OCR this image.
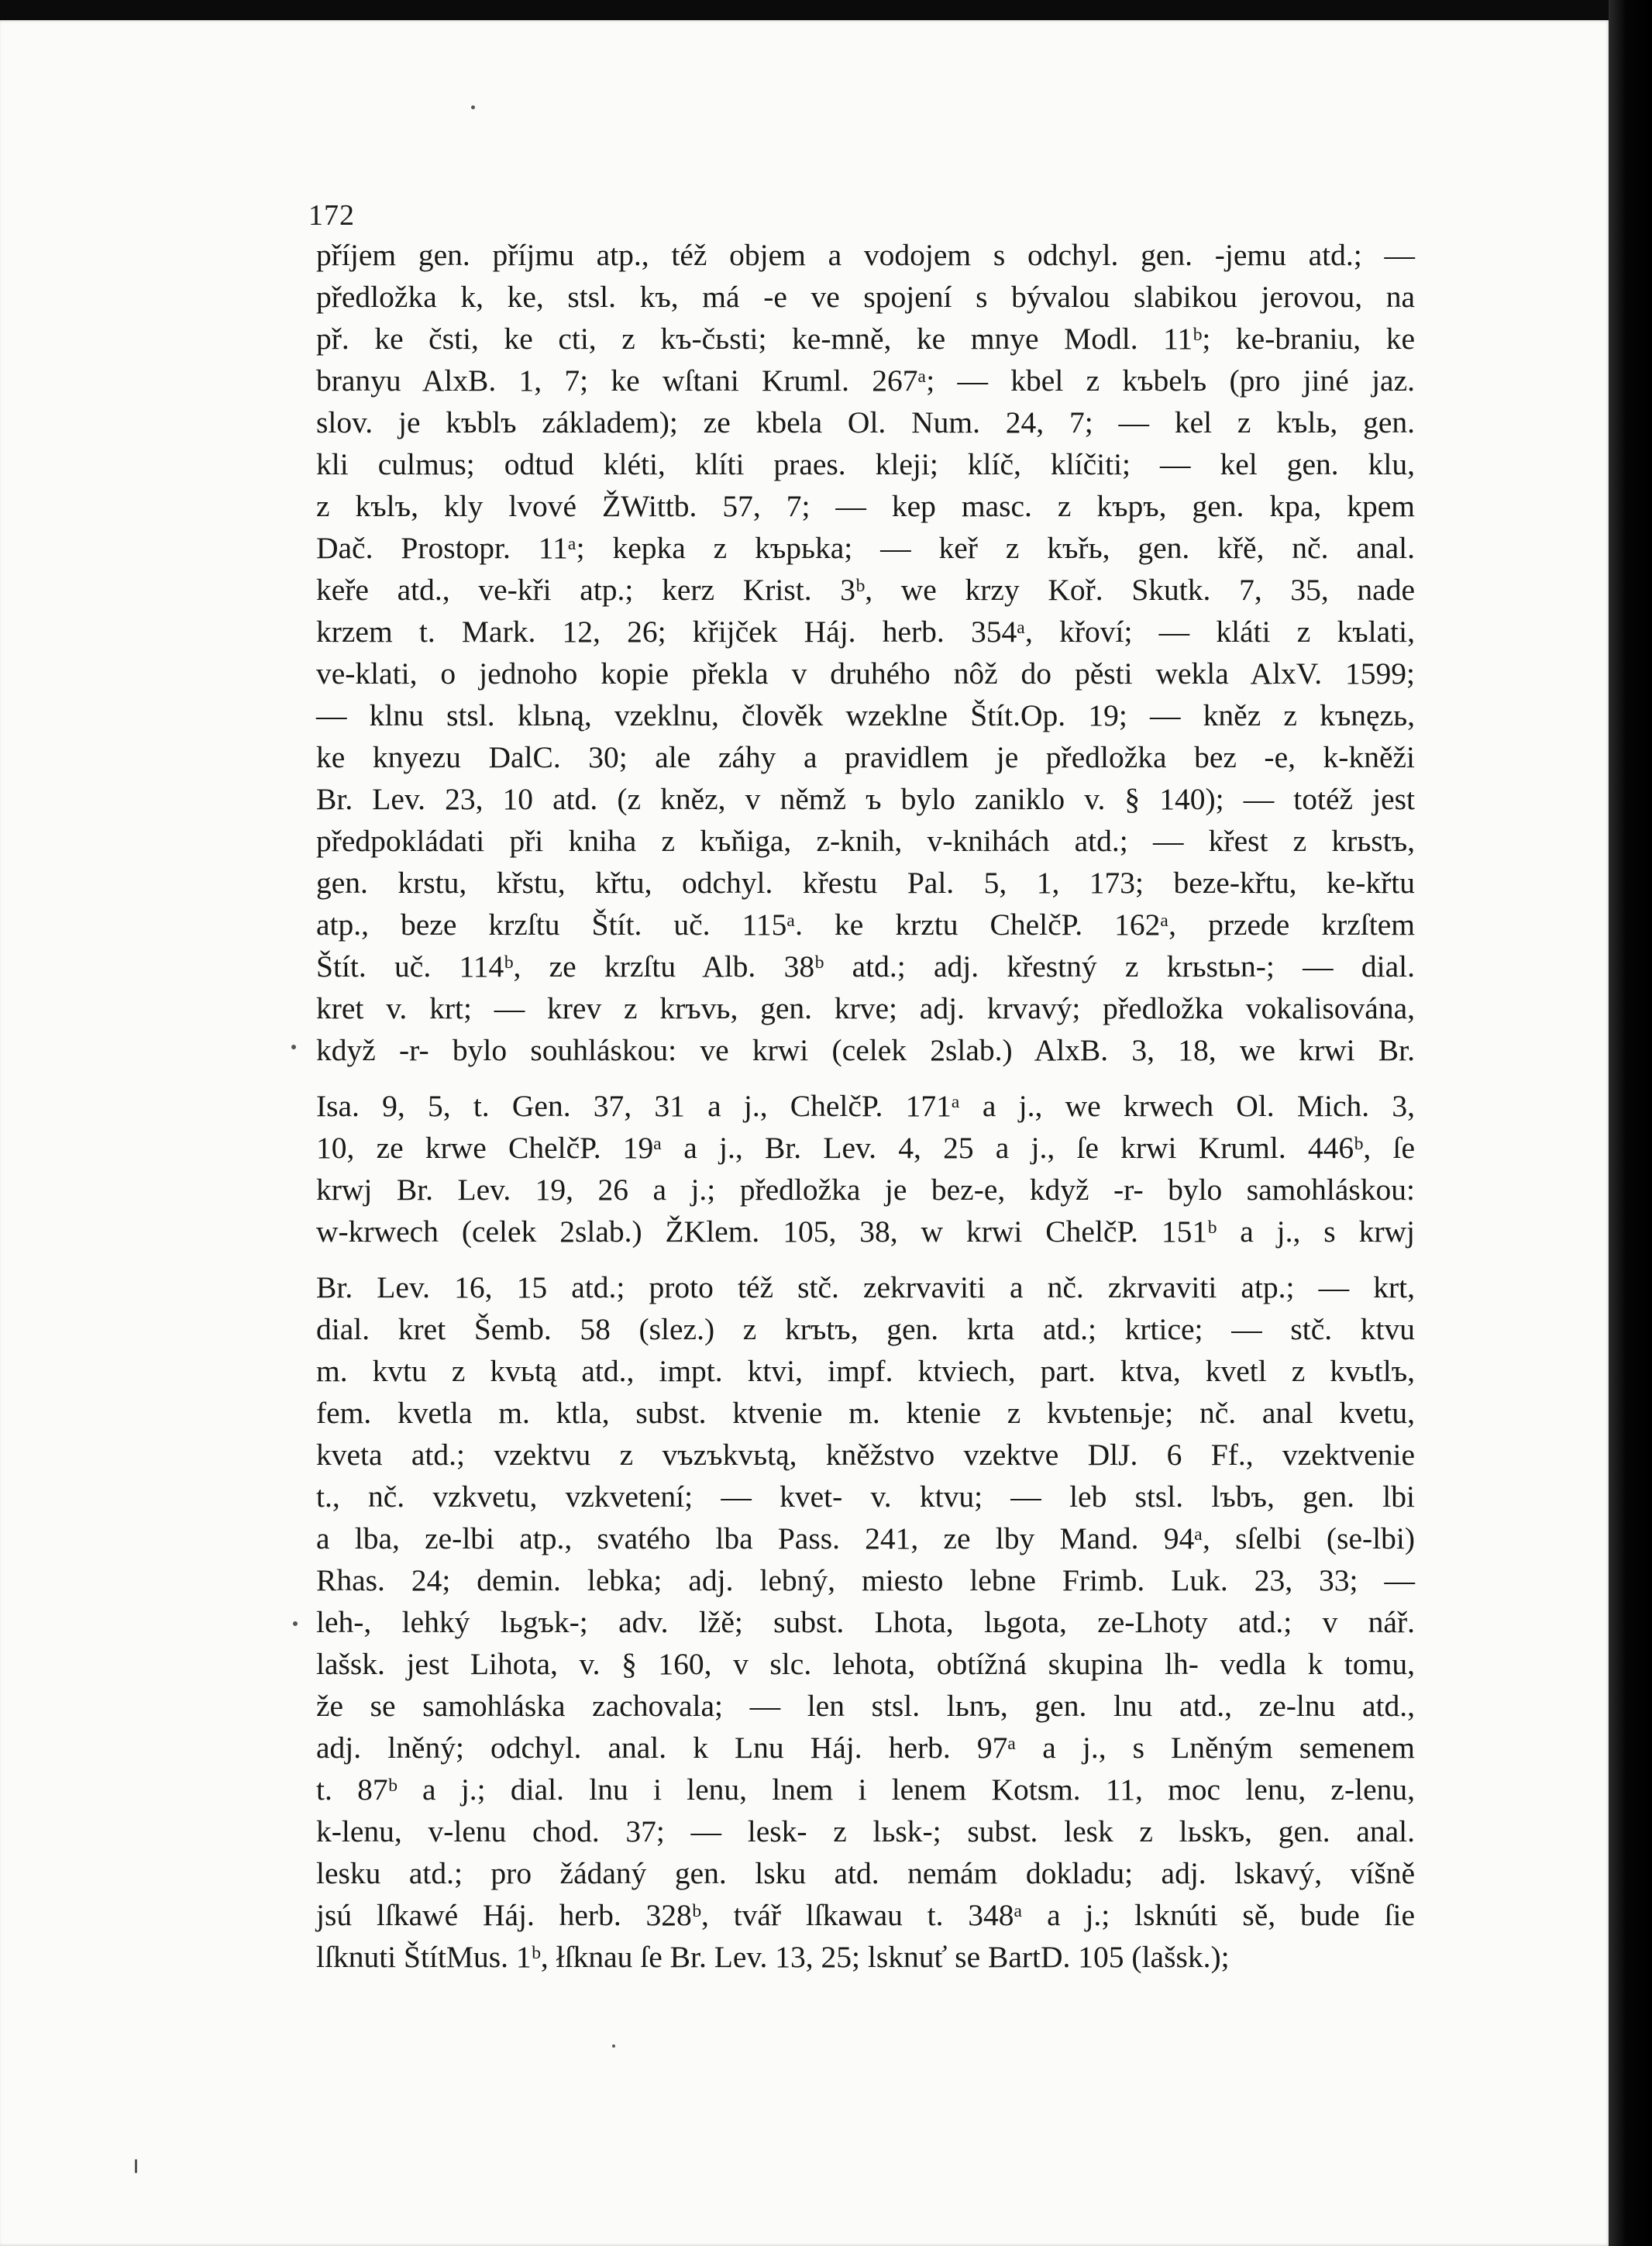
172
příjem gen. příjmu atp., též objem a vodojem s odchyl. gen. -jemu atd.; —
předložka k, ke, stsl. kъ, má -e ve spojení s bývalou slabikou jerovou, na
př. ke čsti, ke cti, z kъ-čьsti; ke-mně, ke mnye Modl. 11ᵇ; ke-braniu, ke
branyu AlxB. 1, 7; ke wſtani Kruml. 267ᵃ; — kbel z kъbelъ (pro jiné jaz.
slov. je kъblъ základem); ze kbela Ol. Num. 24, 7; — kel z kъlь, gen.
kli culmus; odtud kléti, klíti praes. kleji; klíč, klíčiti; — kel gen. klu,
z kъlъ, kly lvové ŽWittb. 57, 7; — kep masc. z kъpъ, gen. kpa, kpem
Dač. Prostopr. 11ᵃ; kepka z kъpьka; — keř z kъřь, gen. křě, nč. anal.
keře atd., ve-kři atp.; kerz Krist. 3ᵇ, we krzy Koř. Skutk. 7, 35, nade
krzem t. Mark. 12, 26; křijček Háj. herb. 354ᵃ, křoví; — kláti z kъlati,
ve-klati, o jednoho kopie překla v druhého nôž do pěsti wekla AlxV. 1599;
— klnu stsl. klьną, vzeklnu, člověk wzeklne Štít.Op. 19; — kněz z kъnęzь,
ke knyezu DalC. 30; ale záhy a pravidlem je předložka bez -e, k-kněži
Br. Lev. 23, 10 atd. (z kněz, v němž ъ bylo zaniklo v. § 140); — totéž jest
předpokládati při kniha z kъňiga, z-knih, v-knihách atd.; — křest z krьstъ,
gen. krstu, křstu, křtu, odchyl. křestu Pal. 5, 1, 173; beze-křtu, ke-křtu
atp., beze krzſtu Štít. uč. 115ᵃ. ke krztu ChelčP. 162ᵃ, przede krzſtem
Štít. uč. 114ᵇ, ze krzſtu Alb. 38ᵇ atd.; adj. křestný z krьstьn-; — dial.
kret v. krt; — krev z krъvь, gen. krve; adj. krvavý; předložka vokalisována,
když -r- bylo souhláskou: ve krwi (celek 2slab.) AlxB. 3, 18, we krwi Br.
Isa. 9, 5, t. Gen. 37, 31 a j., ChelčP. 171ᵃ a j., we krwech Ol. Mich. 3,
10, ze krwe ChelčP. 19ᵃ a j., Br. Lev. 4, 25 a j., ſe krwi Kruml. 446ᵇ, ſe
krwj Br. Lev. 19, 26 a j.; předložka je bez-e, když -r- bylo samohláskou:
w-krwech (celek 2slab.) ŽKlem. 105, 38, w krwi ChelčP. 151ᵇ a j., s krwj
Br. Lev. 16, 15 atd.; proto též stč. zekrvaviti a nč. zkrvaviti atp.; — krt,
dial. kret Šemb. 58 (slez.) z krъtъ, gen. krta atd.; krtice; — stč. ktvu
m. kvtu z kvьtą atd., impt. ktvi, impf. ktviech, part. ktva, kvetl z kvьtlъ,
fem. kvetla m. ktla, subst. ktvenie m. ktenie z kvьtenьje; nč. anal kvetu,
kveta atd.; vzektvu z vъzъkvьtą, kněžstvo vzektve DlJ. 6 Ff., vzektvenie
t., nč. vzkvetu, vzkvetení; — kvet- v. ktvu; — leb stsl. lъbъ, gen. lbi
a lba, ze-lbi atp., svatého lba Pass. 241, ze lby Mand. 94ᵃ, sſelbi (se-lbi)
Rhas. 24; demin. lebka; adj. lebný, miesto lebne Frimb. Luk. 23, 33; —
leh-, lehký lьgъk-; adv. lžě; subst. Lhota, lьgota, ze-Lhoty atd.; v nář.
lašsk. jest Lihota, v. § 160, v slc. lehota, obtížná skupina lh- vedla k tomu,
že se samohláska zachovala; — len stsl. lьnъ, gen. lnu atd., ze-lnu atd.,
adj. lněný; odchyl. anal. k Lnu Háj. herb. 97ᵃ a j., s Lněným semenem
t. 87ᵇ a j.; dial. lnu i lenu, lnem i lenem Kotsm. 11, moc lenu, z-lenu,
k-lenu, v-lenu chod. 37; — lesk- z lьsk-; subst. lesk z lьskъ, gen. anal.
lesku atd.; pro žádaný gen. lsku atd. nemám dokladu; adj. lskavý, víšně
jsú lſkawé Háj. herb. 328ᵇ, tvář lſkawau t. 348ᵃ a j.; lsknúti sě, bude ſie
lſknuti ŠtítMus. 1ᵇ, łſknau ſe Br. Lev. 13, 25; lsknuť se BartD. 105 (lašsk.);
